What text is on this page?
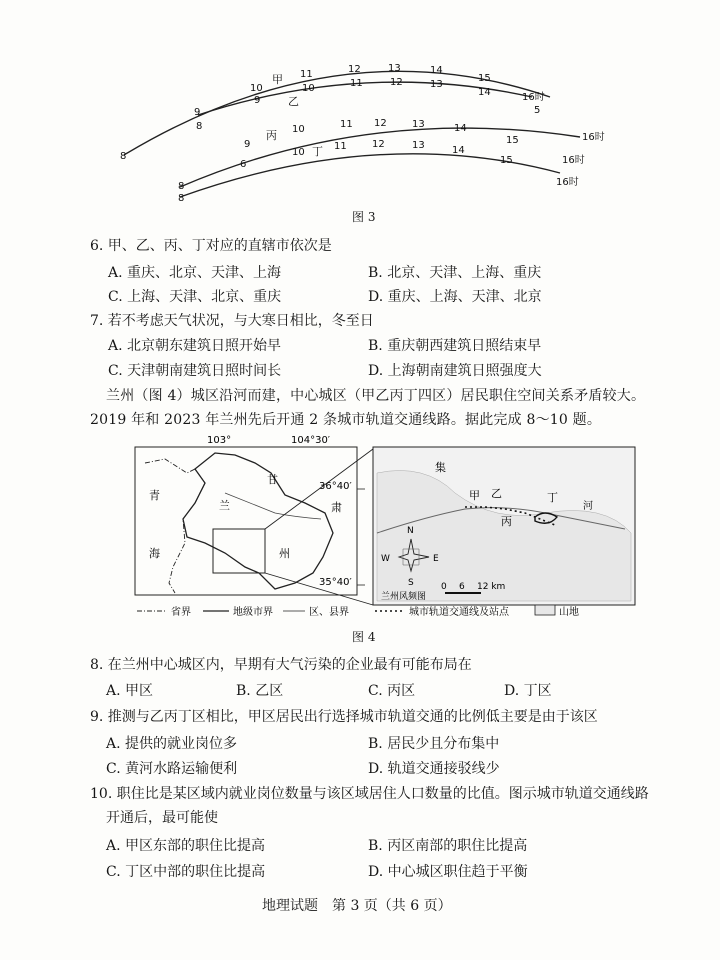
8
9
10
11	12	13	14
15
16时
8
9
10	11	12	13
14
5
8
9
10	11 12	13	14
15	16时
8
6
10
11	12	13	14
15	16时
16时
甲
乙
丙
丁
图 3
6. 甲、乙、丙、丁对应的直辖市依次是
A. 重庆、北京、天津、上海	B. 北京、天津、上海、重庆
C. 上海、天津、北京、重庆	D. 重庆、上海、天津、北京
7. 若不考虑天气状况，与大寒日相比，冬至日
A. 北京朝东建筑日照开始早	B. 重庆朝西建筑日照结束早
C. 天津朝南建筑日照时间长	D. 上海朝南建筑日照强度大
兰州（图 4）城区沿河而建，中心城区（甲乙丙丁四区）居民职住空间关系矛盾较大。
2019 年和 2023 年兰州先后开通 2 条城市轨道交通线路。据此完成 8～10 题。
103°	104°30′
36°40′
35°40′
青
海
甘
肃
兰
州
集
甲 乙	丁
丙
河
N
E
S
W
兰州风频图
0 6 12 km
省界	地级市界	区、县界	城市轨道交通线及站点	山地
图 4
8. 在兰州中心城区内，早期有大气污染的企业最有可能布局在
A. 甲区	B. 乙区	C. 丙区	D. 丁区
9. 推测与乙丙丁区相比，甲区居民出行选择城市轨道交通的比例低主要是由于该区
A. 提供的就业岗位多	B. 居民少且分布集中
C. 黄河水路运输便利	D. 轨道交通接驳线少
10. 职住比是某区域内就业岗位数量与该区域居住人口数量的比值。图示城市轨道交通线路
开通后，最可能使
A. 甲区东部的职住比提高	B. 丙区南部的职住比提高
C. 丁区中部的职住比提高	D. 中心城区职住趋于平衡
地理试题　第 3 页（共 6 页）
